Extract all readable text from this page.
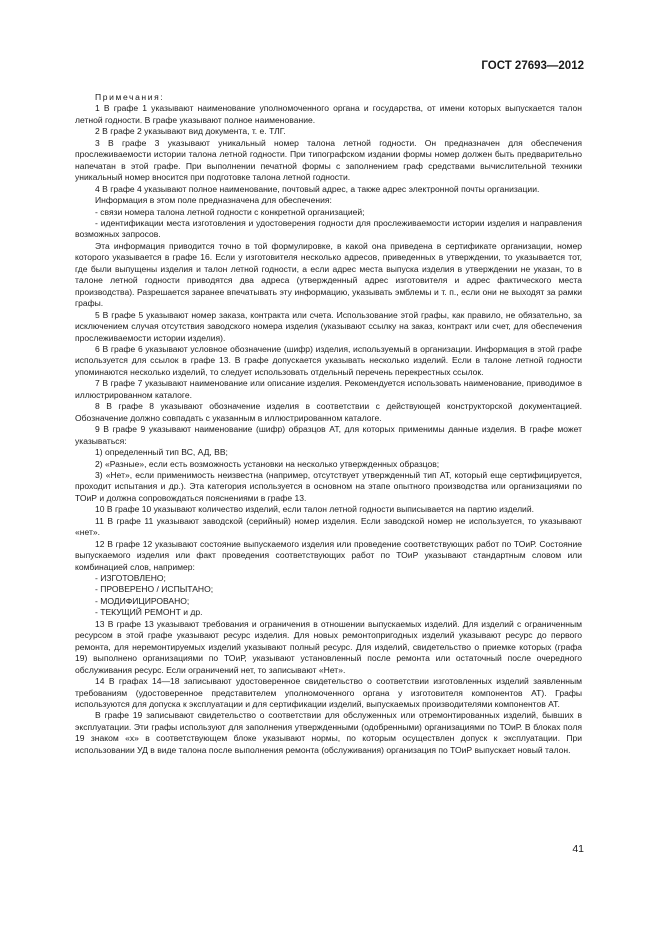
ГОСТ 27693—2012

Примечания:

1 В графе 1 указывают наименование уполномоченного органа и государства, от имени которых выпускается талон летной годности. В графе указывают полное наименование.

2 В графе 2 указывают вид документа, т. е. ТЛГ.

3 В графе 3 указывают уникальный номер талона летной годности. Он предназначен для обеспечения прослеживаемости истории талона летной годности. При типографском издании формы номер должен быть предварительно напечатан в этой графе. При выполнении печатной формы с заполнением граф средствами вычислительной техники уникальный номер вносится при подготовке талона летной годности.

4 В графе 4 указывают полное наименование, почтовый адрес, а также адрес электронной почты организации.

Информация в этом поле предназначена для обеспечения:

- связи номера талона летной годности с конкретной организацией;

- идентификации места изготовления и удостоверения годности для прослеживаемости истории изделия и направления возможных запросов.

Эта информация приводится точно в той формулировке, в какой она приведена в сертификате организации, номер которого указывается в графе 16. Если у изготовителя несколько адресов, приведенных в утверждении, то указывается тот, где были выпущены изделия и талон летной годности, а если адрес места выпуска изделия в утверждении не указан, то в талоне летной годности приводятся два адреса (утвержденный адрес изготовителя и адрес фактического места производства). Разрешается заранее впечатывать эту информацию, указывать эмблемы и т. п., если они не выходят за рамки графы.

5 В графе 5 указывают номер заказа, контракта или счета. Использование этой графы, как правило, не обязательно, за исключением случая отсутствия заводского номера изделия (указывают ссылку на заказ, контракт или счет, для обеспечения прослеживаемости истории изделия).

6 В графе 6 указывают условное обозначение (шифр) изделия, используемый в организации. Информация в этой графе используется для ссылок в графе 13. В графе допускается указывать несколько изделий. Если в талоне летной годности упоминаются несколько изделий, то следует использовать отдельный перечень перекрестных ссылок.

7 В графе 7 указывают наименование или описание изделия. Рекомендуется использовать наименование, приводимое в иллюстрированном каталоге.

8 В графе 8 указывают обозначение изделия в соответствии с действующей конструкторской документацией. Обозначение должно совпадать с указанным в иллюстрированном каталоге.

9 В графе 9 указывают наименование (шифр) образцов АТ, для которых применимы данные изделия. В графе может указываться:

1) определенный тип ВС, АД, ВВ;

2) «Разные», если есть возможность установки на несколько утвержденных образцов;

3) «Нет», если применимость неизвестна (например, отсутствует утвержденный тип АТ, который еще сертифицируется, проходит испытания и др.). Эта категория используется в основном на этапе опытного производства или организациями по ТОиР и должна сопровождаться пояснениями в графе 13.

10 В графе 10 указывают количество изделий, если талон летной годности выписывается на партию изделий.

11 В графе 11 указывают заводской (серийный) номер изделия. Если заводской номер не используется, то указывают «нет».

12 В графе 12 указывают состояние выпускаемого изделия или проведение соответствующих работ по ТОиР. Состояние выпускаемого изделия или факт проведения соответствующих работ по ТОиР указывают стандартным словом или комбинацией слов, например:

- ИЗГОТОВЛЕНО;

- ПРОВЕРЕНО / ИСПЫТАНО;

- МОДИФИЦИРОВАНО;

- ТЕКУЩИЙ РЕМОНТ и др.

13 В графе 13 указывают требования и ограничения в отношении выпускаемых изделий. Для изделий с ограниченным ресурсом в этой графе указывают ресурс изделия. Для новых ремонтопригодных изделий указывают ресурс до первого ремонта, для неремонтируемых изделий указывают полный ресурс. Для изделий, свидетельство о приемке которых (графа 19) выполнено организациями по ТОиР, указывают установленный после ремонта или остаточный после очередного обслуживания ресурс. Если ограничений нет, то записывают «Нет».

14 В графах 14—18 записывают удостоверенное свидетельство о соответствии изготовленных изделий заявленным требованиям (удостоверенное представителем уполномоченного органа у изготовителя компонентов АТ). Графы используются для допуска к эксплуатации и для сертификации изделий, выпускаемых производителями компонентов АТ.

В графе 19 записывают свидетельство о соответствии для обслуженных или отремонтированных изделий, бывших в эксплуатации. Эти графы используют для заполнения утвержденными (одобренными) организациями по ТОиР. В блоках поля 19 знаком «х» в соответствующем блоке указывают нормы, по которым осуществлен допуск к эксплуатации. При использовании УД в виде талона после выполнения ремонта (обслуживания) организация по ТОиР выпускает новый талон.

41
